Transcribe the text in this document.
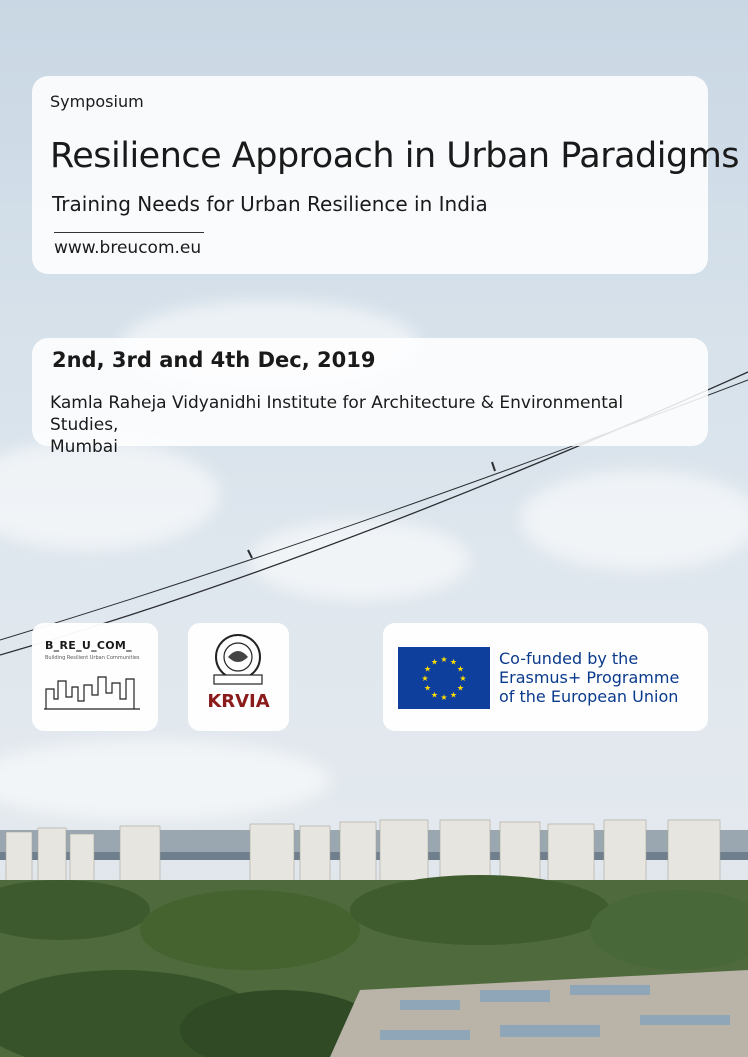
Symposium
Resilience Approach in Urban Paradigms
Training Needs for Urban Resilience in India
www.breucom.eu
2nd, 3rd and 4th Dec, 2019
Kamla Raheja Vidyanidhi Institute for Architecture & Environmental Studies,
Mumbai
B_RE_U_COM_
Building Resilient Urban Communities
KRVIA
★
★
★
★
★
★
★
★
★ ★ ★
★
Co-funded by the
Erasmus+ Programme
of the European Union
